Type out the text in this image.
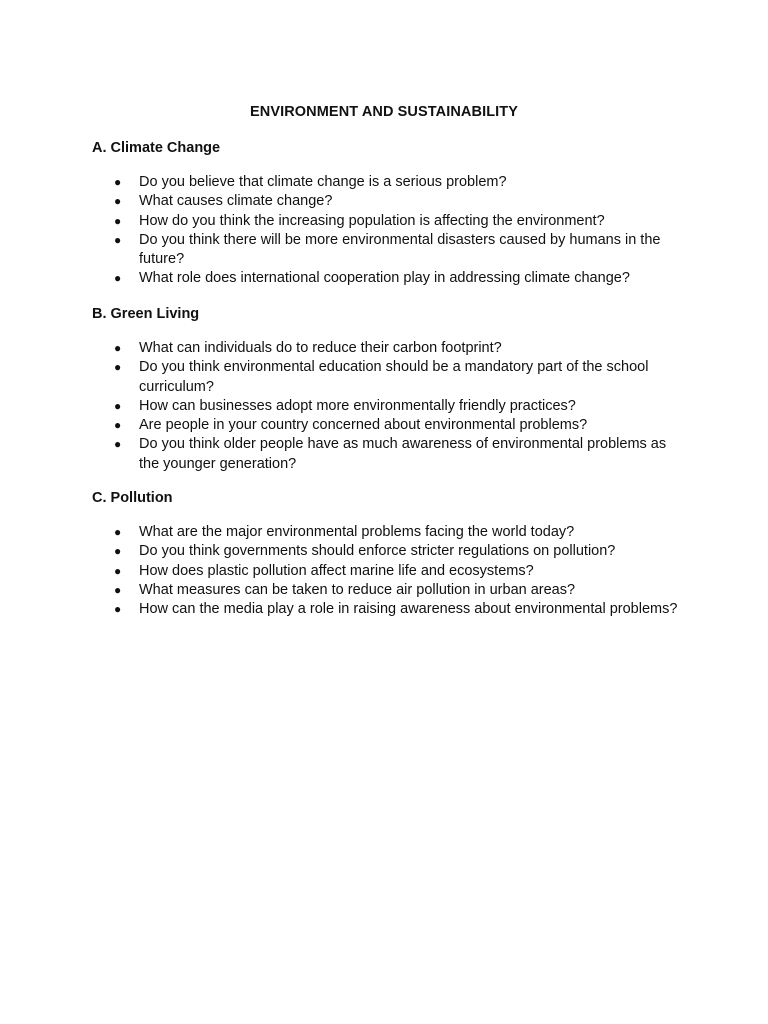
ENVIRONMENT AND SUSTAINABILITY
A. Climate Change
● Do you believe that climate change is a serious problem?
● What causes climate change?
● How do you think the increasing population is affecting the environment?
● Do you think there will be more environmental disasters caused by humans in the future?
● What role does international cooperation play in addressing climate change?
B. Green Living
● What can individuals do to reduce their carbon footprint?
● Do you think environmental education should be a mandatory part of the school curriculum?
● How can businesses adopt more environmentally friendly practices?
● Are people in your country concerned about environmental problems?
● Do you think older people have as much awareness of environmental problems as the younger generation?
C. Pollution
● What are the major environmental problems facing the world today?
● Do you think governments should enforce stricter regulations on pollution?
● How does plastic pollution affect marine life and ecosystems?
● What measures can be taken to reduce air pollution in urban areas?
● How can the media play a role in raising awareness about environmental problems?
